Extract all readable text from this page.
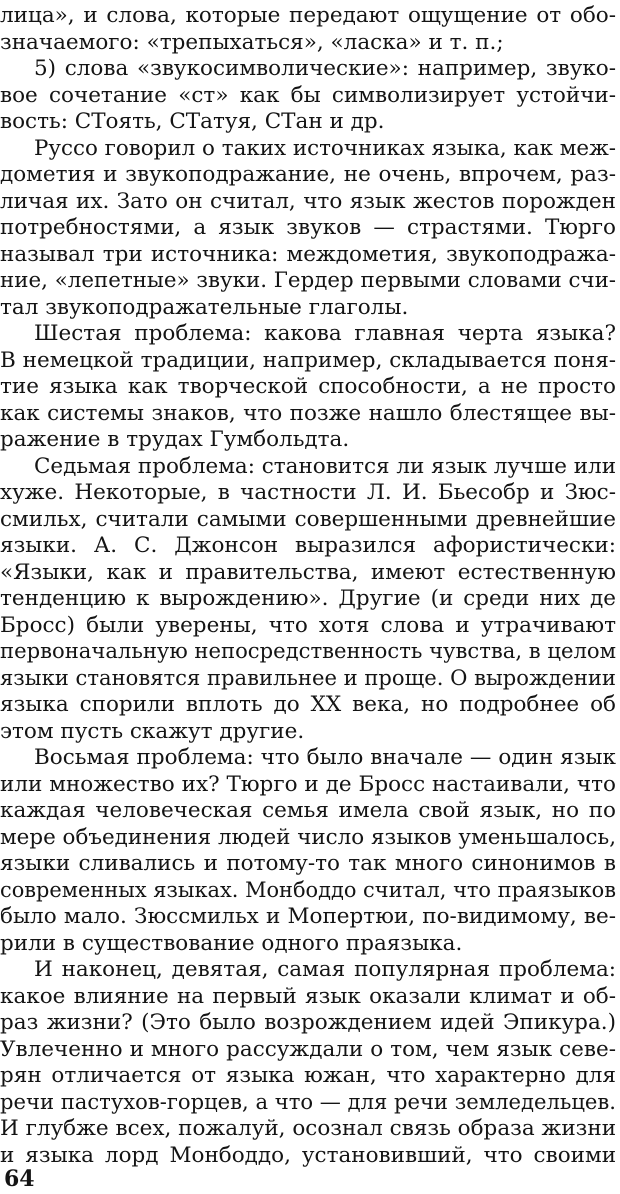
лица», и слова, которые передают ощущение от обо-
значаемого: «трепыхаться», «ласка» и т. п.;
5) слова «звукосимволические»: например, звуко-
вое сочетание «ст» как бы символизирует устойчи-
вость: СТоять, СТатуя, СТан и др.
Руссо говорил о таких источниках языка, как меж-
дометия и звукоподражание, не очень, впрочем, раз-
личая их. Зато он считал, что язык жестов порожден
потребностями, а язык звуков — страстями. Тюрго
называл три источника: междометия, звукоподража-
ние, «лепетные» звуки. Гердер первыми словами счи-
тал звукоподражательные глаголы.
Шестая проблема: какова главная черта языка?
В немецкой традиции, например, складывается поня-
тие языка как творческой способности, а не просто
как системы знаков, что позже нашло блестящее вы-
ражение в трудах Гумбольдта.
Седьмая проблема: становится ли язык лучше или
хуже. Некоторые, в частности Л. И. Бьесобр и Зюс-
смильх, считали самыми совершенными древнейшие
языки. А. С. Джонсон выразился афористически:
«Языки, как и правительства, имеют естественную
тенденцию к вырождению». Другие (и среди них де
Бросс) были уверены, что хотя слова и утрачивают
первоначальную непосредственность чувства, в целом
языки становятся правильнее и проще. О вырождении
языка спорили вплоть до XX века, но подробнее об
этом пусть скажут другие.
Восьмая проблема: что было вначале — один язык
или множество их? Тюрго и де Бросс настаивали, что
каждая человеческая семья имела свой язык, но по
мере объединения людей число языков уменьшалось,
языки сливались и потому-то так много синонимов в
современных языках. Монбоддо считал, что праязыков
было мало. Зюссмильх и Мопертюи, по-видимому, ве-
рили в существование одного праязыка.
И наконец, девятая, самая популярная проблема:
какое влияние на первый язык оказали климат и об-
раз жизни? (Это было возрождением идей Эпикура.)
Увлеченно и много рассуждали о том, чем язык севе-
рян отличается от языка южан, что характерно для
речи пастухов-горцев, а что — для речи земледельцев.
И глубже всех, пожалуй, осознал связь образа жизни
и языка лорд Монбоддо, установивший, что своими
64
